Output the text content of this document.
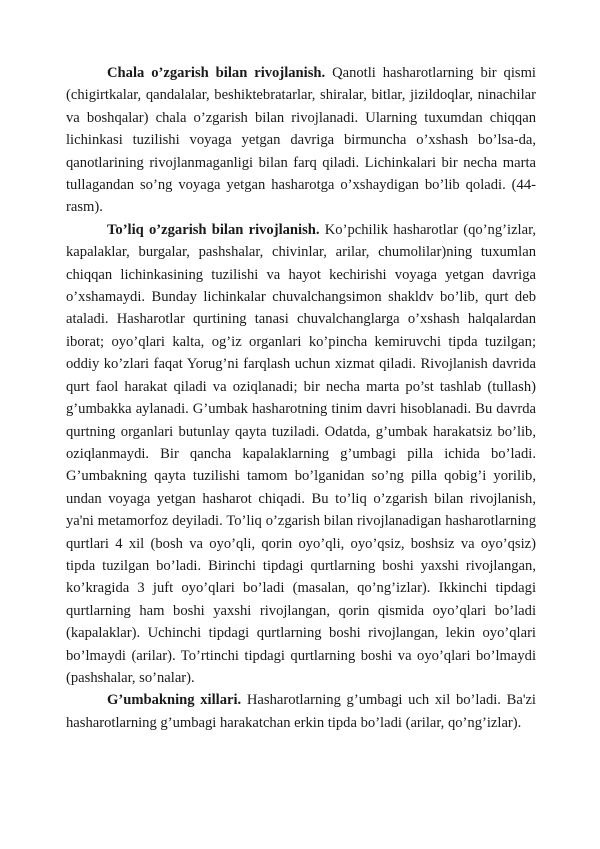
Chala o’zgarish bilan rivojlanish. Qanotli hasharotlarning bir qismi (chigirtkalar, qandalalar, beshiktebratarlar, shiralar, bitlar, jizildoqlar, ninachilar va boshqalar) chala o’zgarish bilan rivojlanadi. Ularning tuxumdan chiqqan lichinkasi tuzilishi voyaga yetgan davriga birmuncha o’xshash bo’lsa-da, qanotlarining rivojlanmaganligi bilan farq qiladi. Lichinkalari bir necha marta tullagandan so’ng voyaga yetgan hasharotga o’xshaydigan bo’lib qoladi. (44-rasm).

To’liq o’zgarish bilan rivojlanish. Ko’pchilik hasharotlar (qo’ng’izlar, kapalaklar, burgalar, pashshalar, chivinlar, arilar, chumolilar)ning tuxumlan chiqqan lichinkasining tuzilishi va hayot kechirishi voyaga yetgan davriga o’xshamaydi. Bunday lichinkalar chuvalchangsimon shakldv bo’lib, qurt deb ataladi. Hasharotlar qurtining tanasi chuvalchanglarga o’xshash halqalardan iborat; oyo’qlari kalta, og’iz organlari ko’pincha kemiruvchi tipda tuzilgan; oddiy ko’zlari faqat Yorug’ni farqlash uchun xizmat qiladi. Rivojlanish davrida qurt faol harakat qiladi va oziqlanadi; bir necha marta po’st tashlab (tullash) g’umbakka aylanadi. G’umbak hasharotning tinim davri hisoblanadi. Bu davrda qurtning organlari butunlay qayta tuziladi. Odatda, g’umbak harakatsiz bo’lib, oziqlanmaydi. Bir qancha kapalaklarning g’umbagi pilla ichida bo’ladi. G’umbakning qayta tuzilishi tamom bo’lganidan so’ng pilla qobig’i yorilib, undan voyaga yetgan hasharot chiqadi. Bu to’liq o’zgarish bilan rivojlanish, ya'ni metamorfoz deyiladi. To’liq o’zgarish bilan rivojlanadigan hasharotlarning qurtlari 4 xil (bosh va oyo’qli, qorin oyo’qli, oyo’qsiz, boshsiz va oyo’qsiz) tipda tuzilgan bo’ladi. Birinchi tipdagi qurtlarning boshi yaxshi rivojlangan, ko’kragida 3 juft oyo’qlari bo’ladi (masalan, qo’ng’izlar). Ikkinchi tipdagi qurtlarning ham boshi yaxshi rivojlangan, qorin qismida oyo’qlari bo’ladi (kapalaklar). Uchinchi tipdagi qurtlarning boshi rivojlangan, lekin oyo’qlari bo’lmaydi (arilar). To’rtinchi tipdagi qurtlarning boshi va oyo’qlari bo’lmaydi (pashshalar, so’nalar).

G’umbakning xillari. Hasharotlarning g’umbagi uch xil bo’ladi. Ba'zi hasharotlarning g’umbagi harakatchan erkin tipda bo’ladi (arilar, qo’ng’izlar).
